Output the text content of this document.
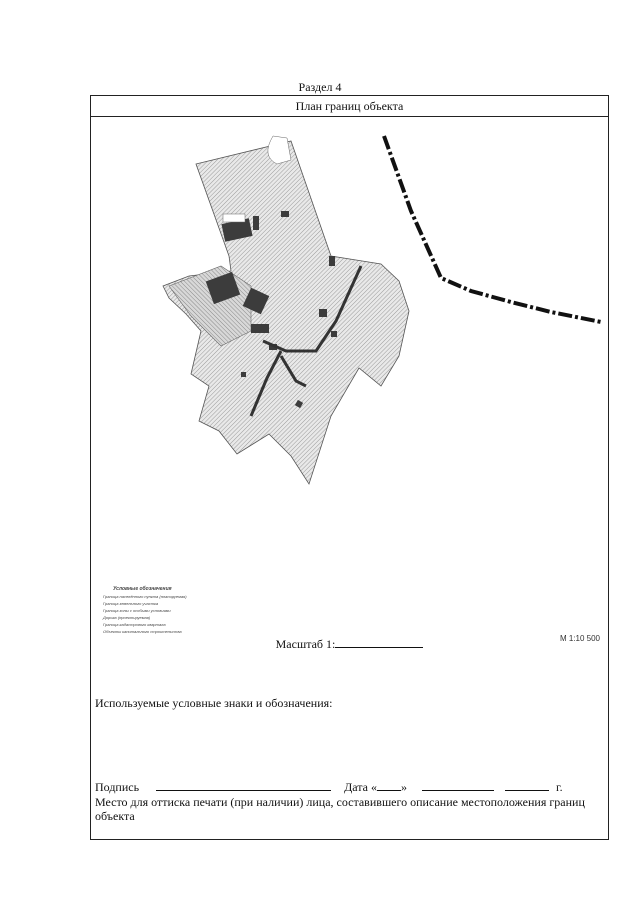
Раздел 4
План границ объекта
Условные обозначения
Граница населённого пункта (планируемая)
Граница земельного участка
Граница зоны с особыми условиями
Дорога (проектируемая)
Граница кадастрового квартала
Объекты капитального строительства
М 1:10 500
Масштаб 1:
Используемые условные знаки и обозначения:
Подпись	Дата « »	г.
Место для оттиска печати (при наличии) лица, составившего описание местоположения границ объекта
